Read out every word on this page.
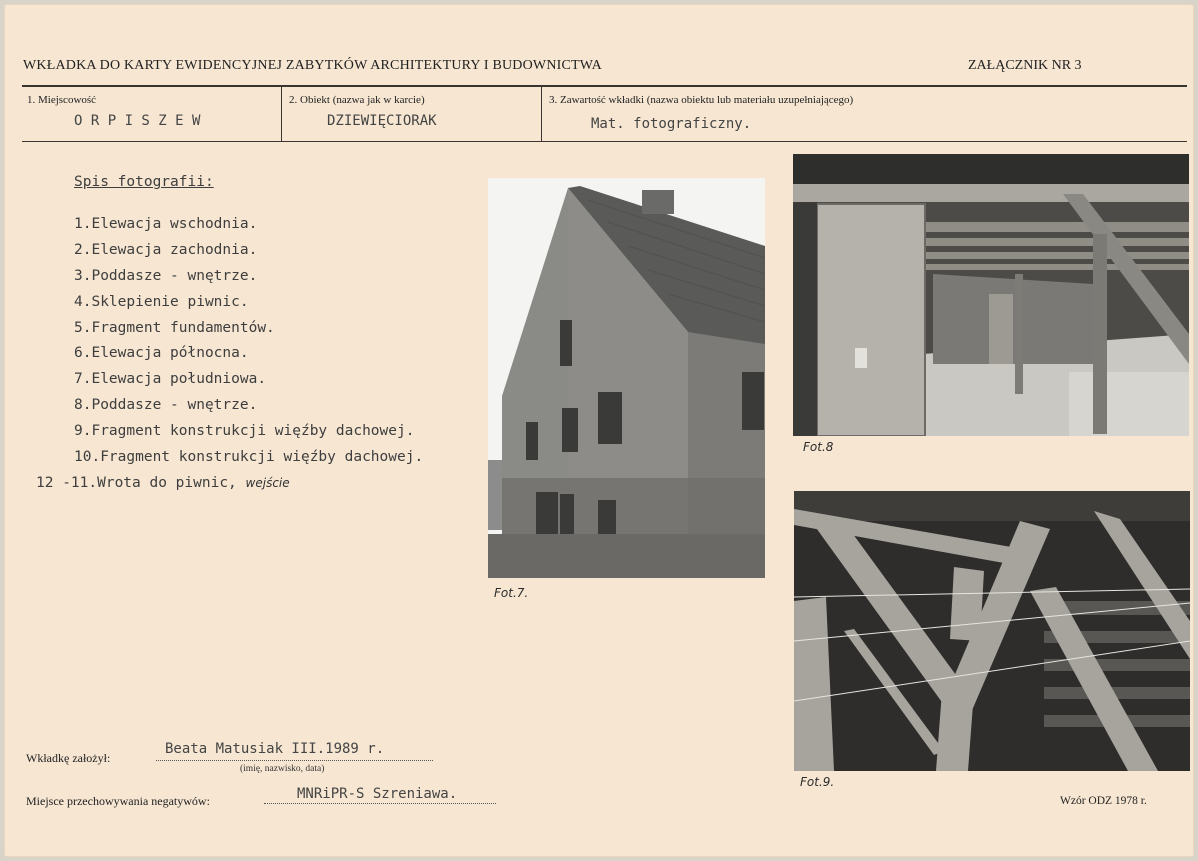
WKŁADKA DO KARTY EWIDENCYJNEJ ZABYTKÓW ARCHITEKTURY I BUDOWNICTWA	ZAŁĄCZNIK NR 3
1. Miejscowość
O R P I S Z E W
2. Obiekt (nazwa jak w karcie)
DZIEWIĘCIORAK
3. Zawartość wkładki (nazwa obiektu lub materiału uzupełniającego)
Mat. fotograficzny.
Spis fotografii:
1.Elewacja wschodnia.
2.Elewacja zachodnia.
3.Poddasze - wnętrze.
4.Sklepienie piwnic.
5.Fragment fundamentów.
6.Elewacja północna.
7.Elewacja południowa.
8.Poddasze - wnętrze.
9.Fragment konstrukcji więźby dachowej.
10.Fragment konstrukcji więźby dachowej.
12 -11.Wrota do piwnic, wejście
Fot.7.
Fot.8
Fot.9.
Wkładkę założył:
Beata Matusiak III.1989 r.
(imię, nazwisko, data)
Miejsce przechowywania negatywów:	MNRiPR-S Szreniawa.	Wzór ODZ 1978 r.
